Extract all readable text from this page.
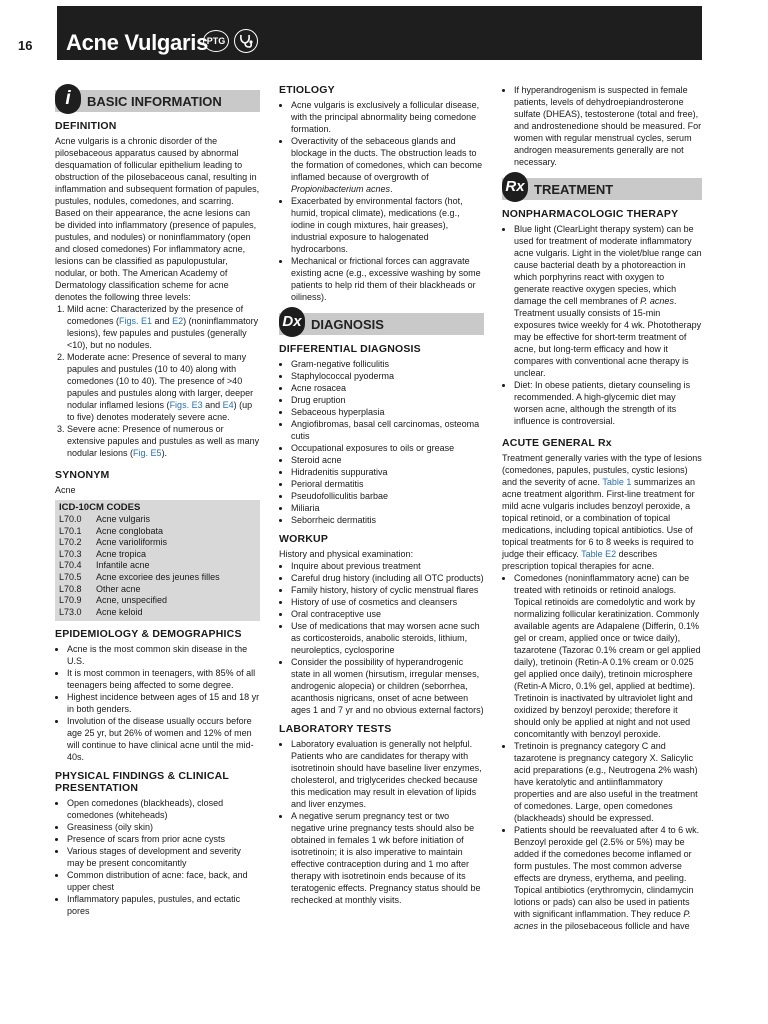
16 Acne Vulgaris
PTG
i	BASIC INFORMATION
DEFINITION

Acne vulgaris is a chronic disorder of the pilosebaceous apparatus caused by abnormal desquamation of follicular epithelium leading to obstruction of the pilosebaceous canal, resulting in inflammation and subsequent formation of papules, pustules, nodules, comedones, and scarring. Based on their appearance, the acne lesions can be divided into inflammatory (presence of papules, pustules, and nodules) or noninflammatory (open and closed comedones) For inflammatory acne, lesions can be classified as papulopustular, nodular, or both. The American Academy of Dermatology classification scheme for acne denotes the following three levels:

1. Mild acne: Characterized by the presence of comedones (Figs. E1 and E2) (noninflammatory lesions), few papules and pustules (generally <10), but no nodules.
2. Moderate acne: Presence of several to many papules and pustules (10 to 40) along with comedones (10 to 40). The presence of >40 papules and pustules along with larger, deeper nodular inflamed lesions (Figs. E3 and E4) (up to five) denotes moderately severe acne.
3. Severe acne: Presence of numerous or extensive papules and pustules as well as many nodular lesions (Fig. E5).
SYNONYM

Acne

ICD-10CM CODES
L70.0	Acne vulgaris
L70.1	Acne conglobata
L70.2	Acne varioliformis
L70.3	Acne tropica
L70.4	Infantile acne
L70.5	Acne excoriee des jeunes filles
L70.8	Other acne
L70.9	Acne, unspecified
L73.0	Acne keloid
EPIDEMIOLOGY & DEMOGRAPHICS
• Acne is the most common skin disease in the U.S.
• It is most common in teenagers, with 85% of all teenagers being affected to some degree.
• Highest incidence between ages of 15 and 18 yr in both genders.
• Involution of the disease usually occurs before age 25 yr, but 26% of women and 12% of men will continue to have clinical acne until the mid-40s.
PHYSICAL FINDINGS & CLINICAL PRESENTATION
• Open comedones (blackheads), closed comedones (whiteheads)
• Greasiness (oily skin)
• Presence of scars from prior acne cysts
• Various stages of development and severity may be present concomitantly
• Common distribution of acne: face, back, and upper chest
• Inflammatory papules, pustules, and ectatic pores
ETIOLOGY
• Acne vulgaris is exclusively a follicular disease, with the principal abnormality being comedone formation.
• Overactivity of the sebaceous glands and blockage in the ducts. The obstruction leads to the formation of comedones, which can become inflamed because of overgrowth of Propionibacterium acnes.
• Exacerbated by environmental factors (hot, humid, tropical climate), medications (e.g., iodine in cough mixtures, hair greases), industrial exposure to halogenated hydrocarbons.
• Mechanical or frictional forces can aggravate existing acne (e.g., excessive washing by some patients to help rid them of their blackheads or oiliness).
Dx DIAGNOSIS
DIFFERENTIAL DIAGNOSIS
• Gram-negative folliculitis
• Staphylococcal pyoderma
• Acne rosacea
• Drug eruption
• Sebaceous hyperplasia
• Angiofibromas, basal cell carcinomas, osteoma cutis
• Occupational exposures to oils or grease
• Steroid acne
• Hidradenitis suppurativa
• Perioral dermatitis
• Pseudofolliculitis barbae
• Miliaria
• Seborrheic dermatitis
WORKUP

History and physical examination:

• Inquire about previous treatment
• Careful drug history (including all OTC products)
• Family history, history of cyclic menstrual flares
• History of use of cosmetics and cleansers
• Oral contraceptive use
• Use of medications that may worsen acne such as corticosteroids, anabolic steroids, lithium, neuroleptics, cyclosporine
• Consider the possibility of hyperandrogenic state in all women (hirsutism, irregular menses, androgenic alopecia) or children (seborrhea, acanthosis nigricans, onset of acne between ages 1 and 7 yr and no obvious external factors)
LABORATORY TESTS
• Laboratory evaluation is generally not helpful. Patients who are candidates for therapy with isotretinoin should have baseline liver enzymes, cholesterol, and triglycerides checked because this medication may result in elevation of lipids and liver enzymes.
• A negative serum pregnancy test or two negative urine pregnancy tests should also be obtained in females 1 wk before initiation of isotretinoin; it is also imperative to maintain effective contraception during and 1 mo after therapy with isotretinoin ends because of its teratogenic effects. Pregnancy status should be rechecked at monthly visits.
• If hyperandrogenism is suspected in female patients, levels of dehydroepiandrosterone sulfate (DHEAS), testosterone (total and free), and androstenedione should be measured. For women with regular menstrual cycles, serum androgen measurements generally are not necessary.
Rx TREATMENT
NONPHARMACOLOGIC THERAPY
• Blue light (ClearLight therapy system) can be used for treatment of moderate inflammatory acne vulgaris. Light in the violet/blue range can cause bacterial death by a photoreaction in which porphyrins react with oxygen to generate reactive oxygen species, which damage the cell membranes of P. acnes. Treatment usually consists of 15-min exposures twice weekly for 4 wk. Phototherapy may be effective for short-term treatment of acne, but long-term efficacy and how it compares with conventional acne therapy is unclear.
• Diet: In obese patients, dietary counseling is recommended. A high-glycemic diet may worsen acne, although the strength of its influence is controversial.
ACUTE GENERAL Rx

Treatment generally varies with the type of lesions (comedones, papules, pustules, cystic lesions) and the severity of acne. Table 1 summarizes an acne treatment algorithm. First-line treatment for mild acne vulgaris includes benzoyl peroxide, a topical retinoid, or a combination of topical medications, including topical antibiotics. Use of topical treatments for 6 to 8 weeks is required to judge their efficacy. Table E2 describes prescription topical therapies for acne.

• Comedones (noninflammatory acne) can be treated with retinoids or retinoid analogs. Topical retinoids are comedolytic and work by normalizing follicular keratinization. Commonly available agents are Adapalene (Differin, 0.1% gel or cream, applied once or twice daily), tazarotene (Tazorac 0.1% cream or gel applied daily), tretinoin (Retin-A 0.1% cream or 0.025 gel applied once daily), tretinoin microsphere (Retin-A Micro, 0.1% gel, applied at bedtime). Tretinoin is inactivated by ultraviolet light and oxidized by benzoyl peroxide; therefore it should only be applied at night and not used concomitantly with benzoyl peroxide.
• Tretinoin is pregnancy category C and tazarotene is pregnancy category X. Salicylic acid preparations (e.g., Neutrogena 2% wash) have keratolytic and antiinflammatory properties and are also useful in the treatment of comedones. Large, open comedones (blackheads) should be expressed.
• Patients should be reevaluated after 4 to 6 wk. Benzoyl peroxide gel (2.5% or 5%) may be added if the comedones become inflamed or form pustules. The most common adverse effects are dryness, erythema, and peeling. Topical antibiotics (erythromycin, clindamycin lotions or pads) can also be used in patients with significant inflammation. They reduce P. acnes in the pilosebaceous follicle and have
